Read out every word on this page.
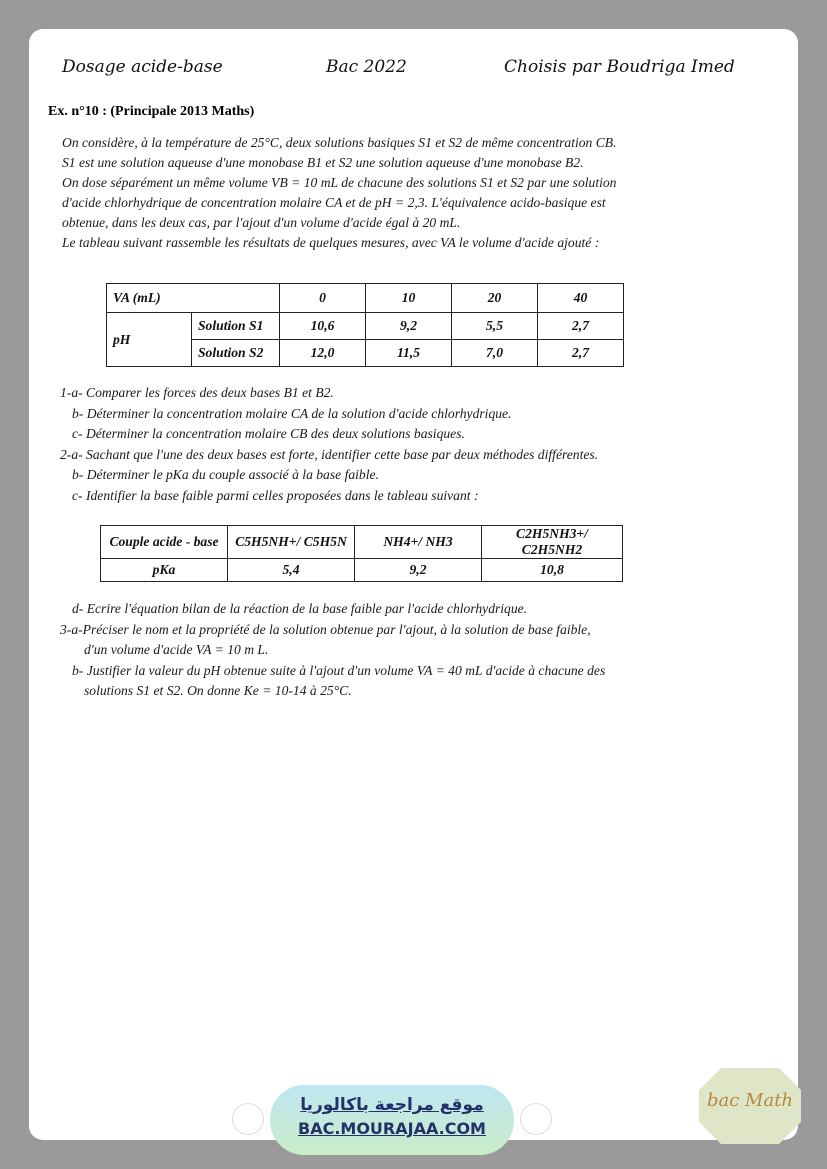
Dosage acide-base	Bac 2022	Choisis par Boudriga Imed
Ex. n°10 : (Principale 2013 Maths)

On considère, à la température de 25°C, deux solutions basiques S1 et S2 de même concentration CB.

S1 est une solution aqueuse d'une monobase B1 et S2 une solution aqueuse d'une monobase B2.

On dose séparément un même volume VB = 10 mL de chacune des solutions S1 et S2 par une solution

d'acide chlorhydrique de concentration molaire CA et de pH = 2,3. L'équivalence acido-basique est

obtenue, dans les deux cas, par l'ajout d'un volume d'acide égal à 20 mL.

Le tableau suivant rassemble les résultats de quelques mesures, avec VA le volume d'acide ajouté :

VA (mL)		0	10	20	40
pH	Solution S1	10,6	9,2	5,5	2,7
	Solution S2	12,0	11,5	7,0	2,7

1-a- Comparer les forces des deux bases B1 et B2.

b- Déterminer la concentration molaire CA de la solution d'acide chlorhydrique.

c- Déterminer la concentration molaire CB des deux solutions basiques.

2-a- Sachant que l'une des deux bases est forte, identifier cette base par deux méthodes différentes.

b- Déterminer le pKa du couple associé à la base faible.

c- Identifier la base faible parmi celles proposées dans le tableau suivant :

Couple acide - base	C5H5NH+/ C5H5N	NH4+/ NH3	C2H5NH3+/ C2H5NH2
pKa	5,4	9,2	10,8

d- Ecrire l'équation bilan de la réaction de la base faible par l'acide chlorhydrique.

3-a-Préciser le nom et la propriété de la solution obtenue par l'ajout, à la solution de base faible,

d'un volume d'acide VA = 10 m L.

b- Justifier la valeur du pH obtenue suite à l'ajout d'un volume VA = 40 mL d'acide à chacune des

solutions S1 et S2. On donne Ke = 10-14 à 25°C.

موقع مراجعة باكالوريا
BAC.MOURAJAA.COM
bac Math
